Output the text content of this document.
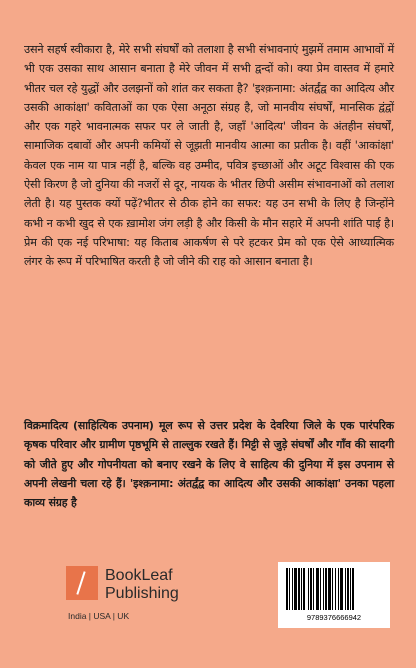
उसने सहर्ष स्वीकारा है, मेरे सभी संघर्षों को तलाशा है सभी संभावनाएं मुझमें तमाम आभावों में भी एक उसका साथ आसान बनाता है मेरे जीवन में सभी द्वन्दों को। क्या प्रेम वास्तव में हमारे भीतर चल रहे युद्धों और उलझनों को शांत कर सकता है? 'इश्क़नामा: अंतर्द्वंद्व का आदित्य और उसकी आकांक्षा' कविताओं का एक ऐसा अनूठा संग्रह है, जो मानवीय संघर्षों, मानसिक द्वंद्वों और एक गहरे भावनात्मक सफर पर ले जाती है, जहाँ 'आदित्य' जीवन के अंतहीन संघर्षों, सामाजिक दबावों और अपनी कमियों से जूझती मानवीय आत्मा का प्रतीक है। वहीं 'आकांक्षा' केवल एक नाम या पात्र नहीं है, बल्कि वह उम्मीद, पवित्र इच्छाओं और अटूट विश्वास की एक ऐसी किरण है जो दुनिया की नजरों से दूर, नायक के भीतर छिपी असीम संभावनाओं को तलाश लेती है। यह पुस्तक क्यों पढ़ें?भीतर से ठीक होने का सफर: यह उन सभी के लिए है जिन्होंने कभी न कभी खुद से एक ख़ामोश जंग लड़ी है और किसी के मौन सहारे में अपनी शांति पाई है।प्रेम की एक नई परिभाषा: यह किताब आकर्षण से परे हटकर प्रेम को एक ऐसे आध्यात्मिक लंगर के रूप में परिभाषित करती है जो जीने की राह को आसान बनाता है।

विक्रमादित्य (साहित्यिक उपनाम) मूल रूप से उत्तर प्रदेश के देवरिया जिले के एक पारंपरिक कृषक परिवार और ग्रामीण पृष्ठभूमि से ताल्लुक रखते हैं। मिट्टी से जुड़े संघर्षों और गाँव की सादगी को जीते हुए और गोपनीयता को बनाए रखने के लिए वे साहित्य की दुनिया में इस उपनाम से अपनी लेखनी चला रहे हैं। 'इश्क़नामा: अंतर्द्वंद्व का आदित्य और उसकी आकांक्षा' उनका पहला काव्य संग्रह है

BookLeaf
Publishing
India | USA | UK	9789376666942
